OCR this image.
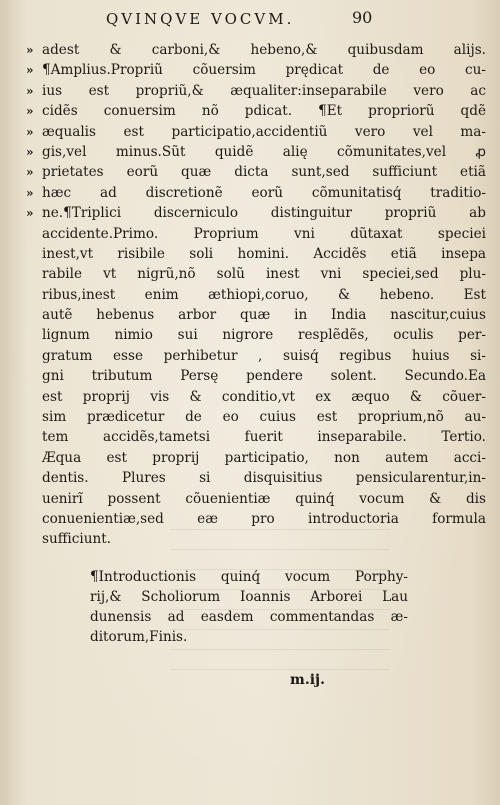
QVINQVE VOCVM.	90
» adest & carboni,& hebeno,& quibusdam alijs.
» ¶Amplius.Propriũ cõuersim prędicat de eo cu‑
» ius est propriũ,& æqualiter:inseparabile vero ac
» cidẽs conuersim nõ pdicat. ¶Et propriorũ qdẽ
» æqualis est participatio,accidentiũ vero vel ma‑
» gis,vel minus.Sũt quidẽ alię cõmunitates,vel ꝓ
» prietates eorũ quæ dicta sunt,sed sufficiunt etiã
» hæc ad discretionẽ eorũ cõmunitatisq́ traditio‑
» ne.¶Triplici discerniculo distinguitur propriũ ab
accidente.Primo. Proprium vni dũtaxat speciei
inest,vt risibile soli homini. Accidẽs etiã insepa
rabile vt nigrũ,nõ solũ inest vni speciei,sed plu‑
ribus,inest enim æthiopi,coruo, & hebeno. Est
autẽ hebenus arbor quæ in India nascitur,cuius
lignum nimio sui nigrore resplẽdẽs, oculis per‑
gratum esse perhibetur , suisq́ regibus huius si‑
gni tributum Persę pendere solent. Secundo.Ea
est proprij vis & conditio,vt ex æquo & cõuer‑
sim prædicetur de eo cuius est proprium,nõ au‑
tem accidẽs,tametsi fuerit inseparabile. Tertio.
Æqua est proprij participatio, non autem acci‑
dentis. Plures si disquisitius pensicularentur,in‑
uenirĩ possent cõuenientiæ quinq́ vocum & dis
conuenientiæ,sed eæ pro introductoria formula
sufficiunt.
¶Introductionis quinq́ vocum Porphy‑
rij,& Scholiorum Ioannis Arborei Lau
dunensis ad easdem commentandas æ‑
ditorum,Finis.
m.ij.
